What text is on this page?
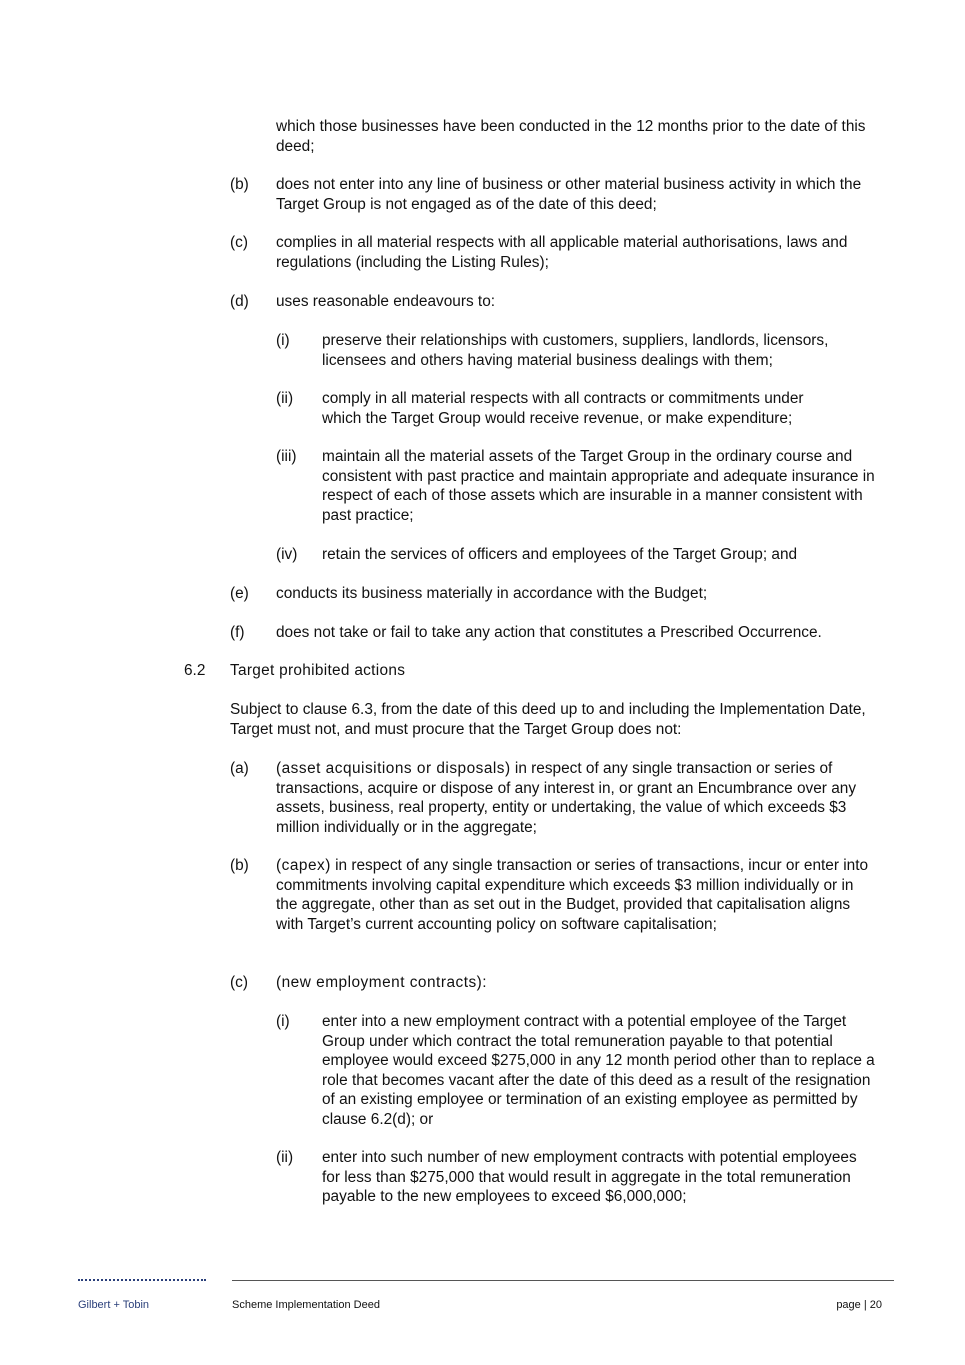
which those businesses have been conducted in the 12 months prior to the date of this deed;

(b) does not enter into any line of business or other material business activity in which the Target Group is not engaged as of the date of this deed;
(c) complies in all material respects with all applicable material authorisations, laws and regulations (including the Listing Rules);
(d) uses reasonable endeavours to:
(i) preserve their relationships with customers, suppliers, landlords, licensors, licensees and others having material business dealings with them;
(ii) comply in all material respects with all contracts or commitments under which the Target Group would receive revenue, or make expenditure;
(iii) maintain all the material assets of the Target Group in the ordinary course and consistent with past practice and maintain appropriate and adequate insurance in respect of each of those assets which are insurable in a manner consistent with past practice;
(iv) retain the services of officers and employees of the Target Group; and
(e) conducts its business materially in accordance with the Budget;
(f) does not take or fail to take any action that constitutes a Prescribed Occurrence.
6.2 Target prohibited actions

Subject to clause 6.3, from the date of this deed up to and including the Implementation Date, Target must not, and must procure that the Target Group does not:

(a) (asset acquisitions or disposals) in respect of any single transaction or series of transactions, acquire or dispose of any interest in, or grant an Encumbrance over any assets, business, real property, entity or undertaking, the value of which exceeds $3 million individually or in the aggregate;
(b) (capex) in respect of any single transaction or series of transactions, incur or enter into commitments involving capital expenditure which exceeds $3 million individually or in the aggregate, other than as set out in the Budget, provided that capitalisation aligns with Target’s current accounting policy on software capitalisation;
(c) (new employment contracts):
(i) enter into a new employment contract with a potential employee of the Target Group under which contract the total remuneration payable to that potential employee would exceed $275,000 in any 12 month period other than to replace a role that becomes vacant after the date of this deed as a result of the resignation of an existing employee or termination of an existing employee as permitted by clause 6.2(d); or
(ii) enter into such number of new employment contracts with potential employees for less than $275,000 that would result in aggregate in the total remuneration payable to the new employees to exceed $6,000,000;
Gilbert + Tobin	Scheme Implementation Deed	page | 20
